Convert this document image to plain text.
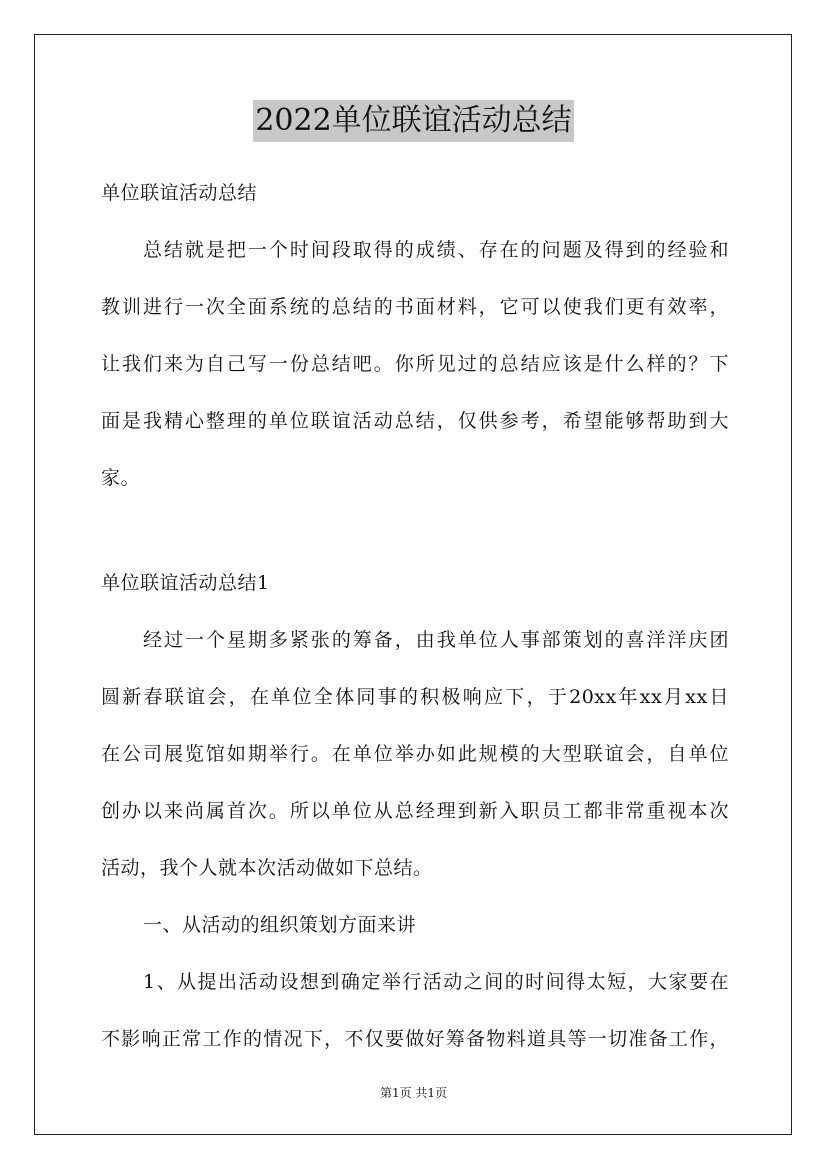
2022单位联谊活动总结
单位联谊活动总结
总结就是把一个时间段取得的成绩、存在的问题及得到的经验和
教训进行一次全面系统的总结的书面材料，它可以使我们更有效率，
让我们来为自己写一份总结吧。你所见过的总结应该是什么样的？下
面是我精心整理的单位联谊活动总结，仅供参考，希望能够帮助到大
家。
单位联谊活动总结1
经过一个星期多紧张的筹备，由我单位人事部策划的喜洋洋庆团
圆新春联谊会，在单位全体同事的积极响应下，于20xx年xx月xx日
在公司展览馆如期举行。在单位举办如此规模的大型联谊会，自单位
创办以来尚属首次。所以单位从总经理到新入职员工都非常重视本次
活动，我个人就本次活动做如下总结。
一、从活动的组织策划方面来讲
1、从提出活动设想到确定举行活动之间的时间得太短，大家要在
不影响正常工作的情况下，不仅要做好筹备物料道具等一切准备工作，
第1页 共1页
